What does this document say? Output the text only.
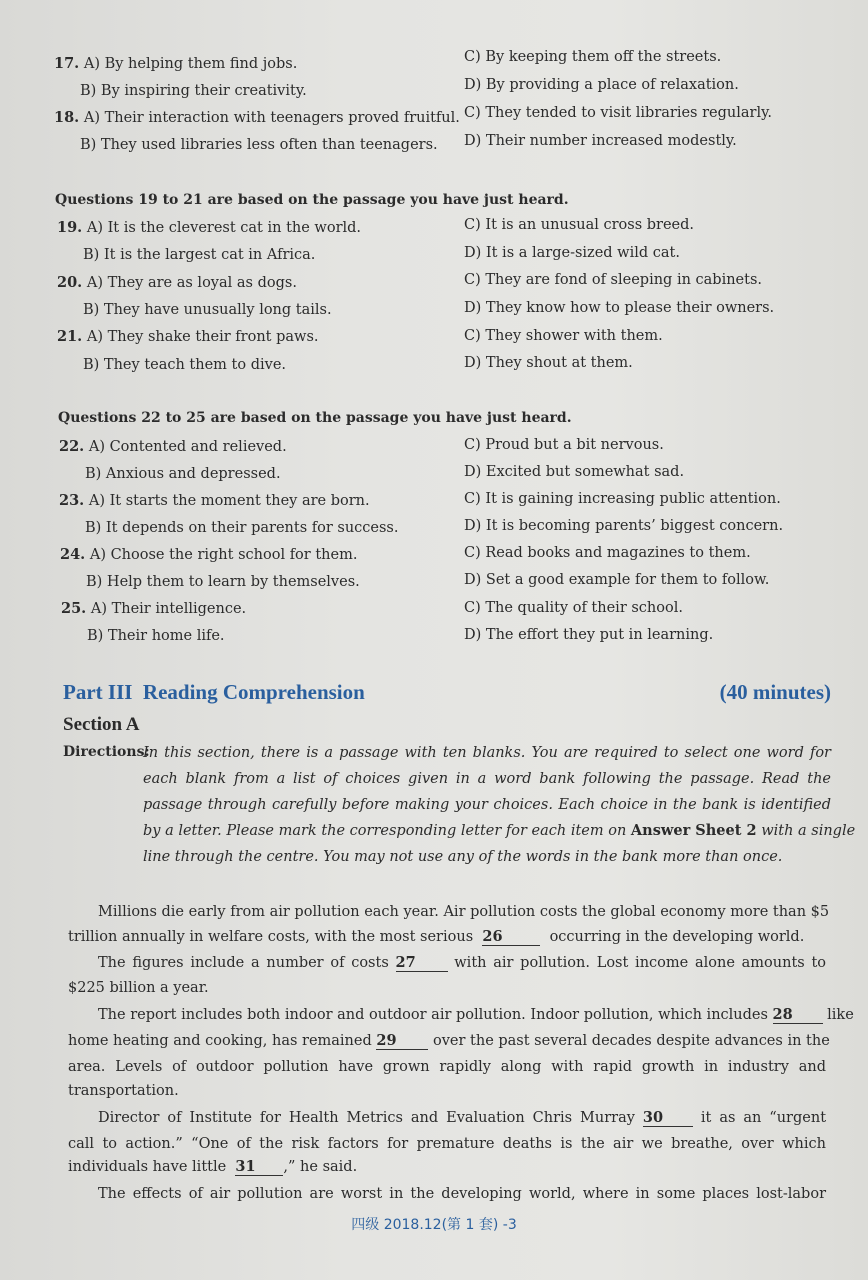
17. A) By helping them find jobs.
B) By inspiring their creativity.
C) By keeping them off the streets.
D) By providing a place of relaxation.
18. A) Their interaction with teenagers proved fruitful.
B) They used libraries less often than teenagers.
C) They tended to visit libraries regularly.
D) Their number increased modestly.
Questions 19 to 21 are based on the passage you have just heard.
19. A) It is the cleverest cat in the world.
B) It is the largest cat in Africa.
C) It is an unusual cross breed.
D) It is a large-sized wild cat.
20. A) They are as loyal as dogs.
B) They have unusually long tails.
C) They are fond of sleeping in cabinets.
D) They know how to please their owners.
21. A) They shake their front paws.
B) They teach them to dive.
C) They shower with them.
D) They shout at them.
Questions 22 to 25 are based on the passage you have just heard.
22. A) Contented and relieved.
B) Anxious and depressed.
C) Proud but a bit nervous.
D) Excited but somewhat sad.
23. A) It starts the moment they are born.
B) It depends on their parents for success.
C) It is gaining increasing public attention.
D) It is becoming parents’ biggest concern.
24. A) Choose the right school for them.
B) Help them to learn by themselves.
C) Read books and magazines to them.
D) Set a good example for them to follow.
25. A) Their intelligence.
B) Their home life.
C) The quality of their school.
D) The effort they put in learning.
Part III  Reading Comprehension	(40 minutes)
Section A
Directions:
In this section, there is a passage with ten blanks. You are required to select one word for
each blank from a list of choices given in a word bank following the passage. Read the
passage through carefully before making your choices. Each choice in the bank is identified
by a letter. Please mark the corresponding letter for each item on Answer Sheet 2 with a single
line through the centre. You may not use any of the words in the bank more than once.
Millions die early from air pollution each year. Air pollution costs the global economy more than $5
trillion annually in welfare costs, with the most serious 26	occurring in the developing world.
The figures include a number of costs 27	with air pollution. Lost income alone amounts to
$225 billion a year.
The report includes both indoor and outdoor air pollution. Indoor pollution, which includes 28 like
home heating and cooking, has remained 29	over the past several decades despite advances in the
area. Levels of outdoor pollution have grown rapidly along with rapid growth in industry and
transportation.
Director of Institute for Health Metrics and Evaluation Chris Murray 30	it as an “urgent
call to action.” “One of the risk factors for premature deaths is the air we breathe, over which
individuals have little 31 ,” he said.
The effects of air pollution are worst in the developing world, where in some places lost-labor
四级 2018.12(第 1 套) -3
